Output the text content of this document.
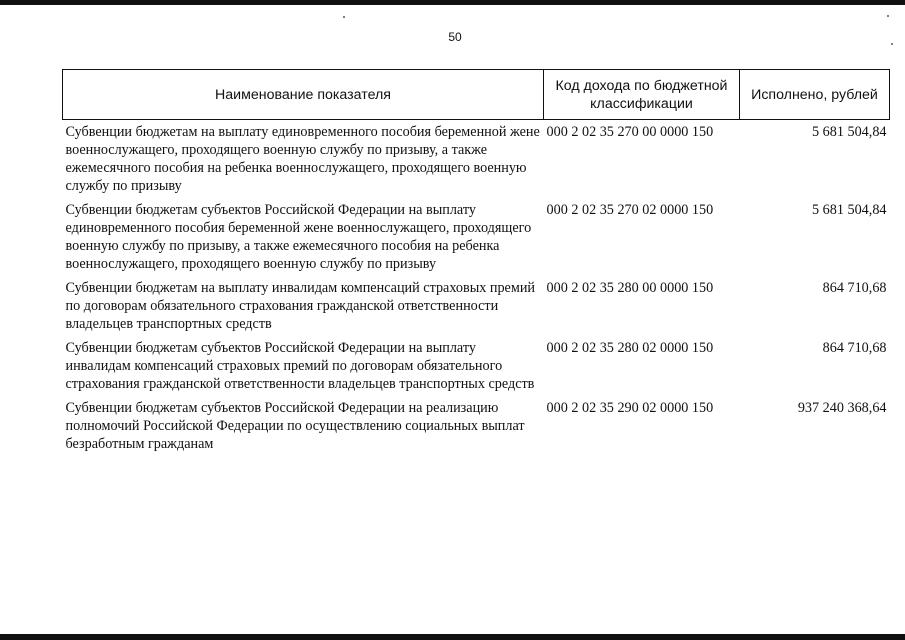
50
Наименование показателя	Код дохода по бюджетной классификации	Исполнено, рублей
Субвенции бюджетам на выплату единовременного пособия беременной жене военнослужащего, проходящего военную службу по призыву, а также ежемесячного пособия на ребенка военнослужащего, проходящего военную службу по призыву	000 2 02 35 270 00 0000 150	5 681 504,84
Субвенции бюджетам субъектов Российской Федерации на выплату единовременного пособия беременной жене военнослужащего, проходящего военную службу по призыву, а также ежемесячного пособия на ребенка военнослужащего, проходящего военную службу по призыву	000 2 02 35 270 02 0000 150	5 681 504,84
Субвенции бюджетам на выплату инвалидам компенсаций страховых премий по договорам обязательного страхования гражданской ответственности владельцев транспортных средств	000 2 02 35 280 00 0000 150	864 710,68
Субвенции бюджетам субъектов Российской Федерации на выплату инвалидам компенсаций страховых премий по договорам обязательного страхования гражданской ответственности владельцев транспортных средств	000 2 02 35 280 02 0000 150	864 710,68
Субвенции бюджетам субъектов Российской Федерации на реализацию полномочий Российской Федерации по осуществлению социальных выплат безработным гражданам	000 2 02 35 290 02 0000 150	937 240 368,64
